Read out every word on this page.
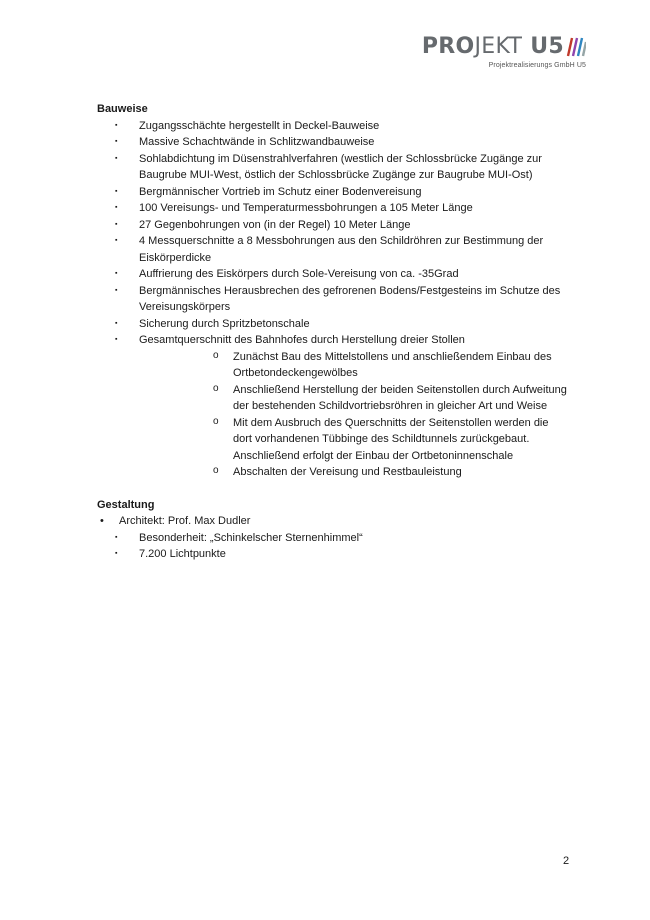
PROJEKT U5
Projektrealisierungs GmbH U5
Bauweise
▪ Zugangsschächte hergestellt in Deckel-Bauweise
▪ Massive Schachtwände in Schlitzwandbauweise
▪ Sohlabdichtung im Düsenstrahlverfahren (westlich der Schlossbrücke Zugänge zur
Baugrube MUI-West, östlich der Schlossbrücke Zugänge zur Baugrube MUI-Ost)
▪ Bergmännischer Vortrieb im Schutz einer Bodenvereisung
▪ 100 Vereisungs- und Temperaturmessbohrungen a 105 Meter Länge
▪ 27 Gegenbohrungen von (in der Regel) 10 Meter Länge
▪ 4 Messquerschnitte a 8 Messbohrungen aus den Schildröhren zur Bestimmung der
Eiskörperdicke
▪ Auffrierung des Eiskörpers durch Sole-Vereisung von ca. -35Grad
▪ Bergmännisches Herausbrechen des gefrorenen Bodens/Festgesteins im Schutze des
Vereisungskörpers
▪ Sicherung durch Spritzbetonschale
▪ Gesamtquerschnitt des Bahnhofes durch Herstellung dreier Stollen
o Zunächst Bau des Mittelstollens und anschließendem Einbau des
Ortbetondeckengewölbes
o Anschließend Herstellung der beiden Seitenstollen durch Aufweitung
der bestehenden Schildvortriebsröhren in gleicher Art und Weise
o Mit dem Ausbruch des Querschnitts der Seitenstollen werden die
dort vorhandenen Tübbinge des Schildtunnels zurückgebaut.
Anschließend erfolgt der Einbau der Ortbetoninnenschale
o Abschalten der Vereisung und Restbauleistung
Gestaltung
• Architekt: Prof. Max Dudler
▪ Besonderheit: „Schinkelscher Sternenhimmel“
▪ 7.200 Lichtpunkte
2
